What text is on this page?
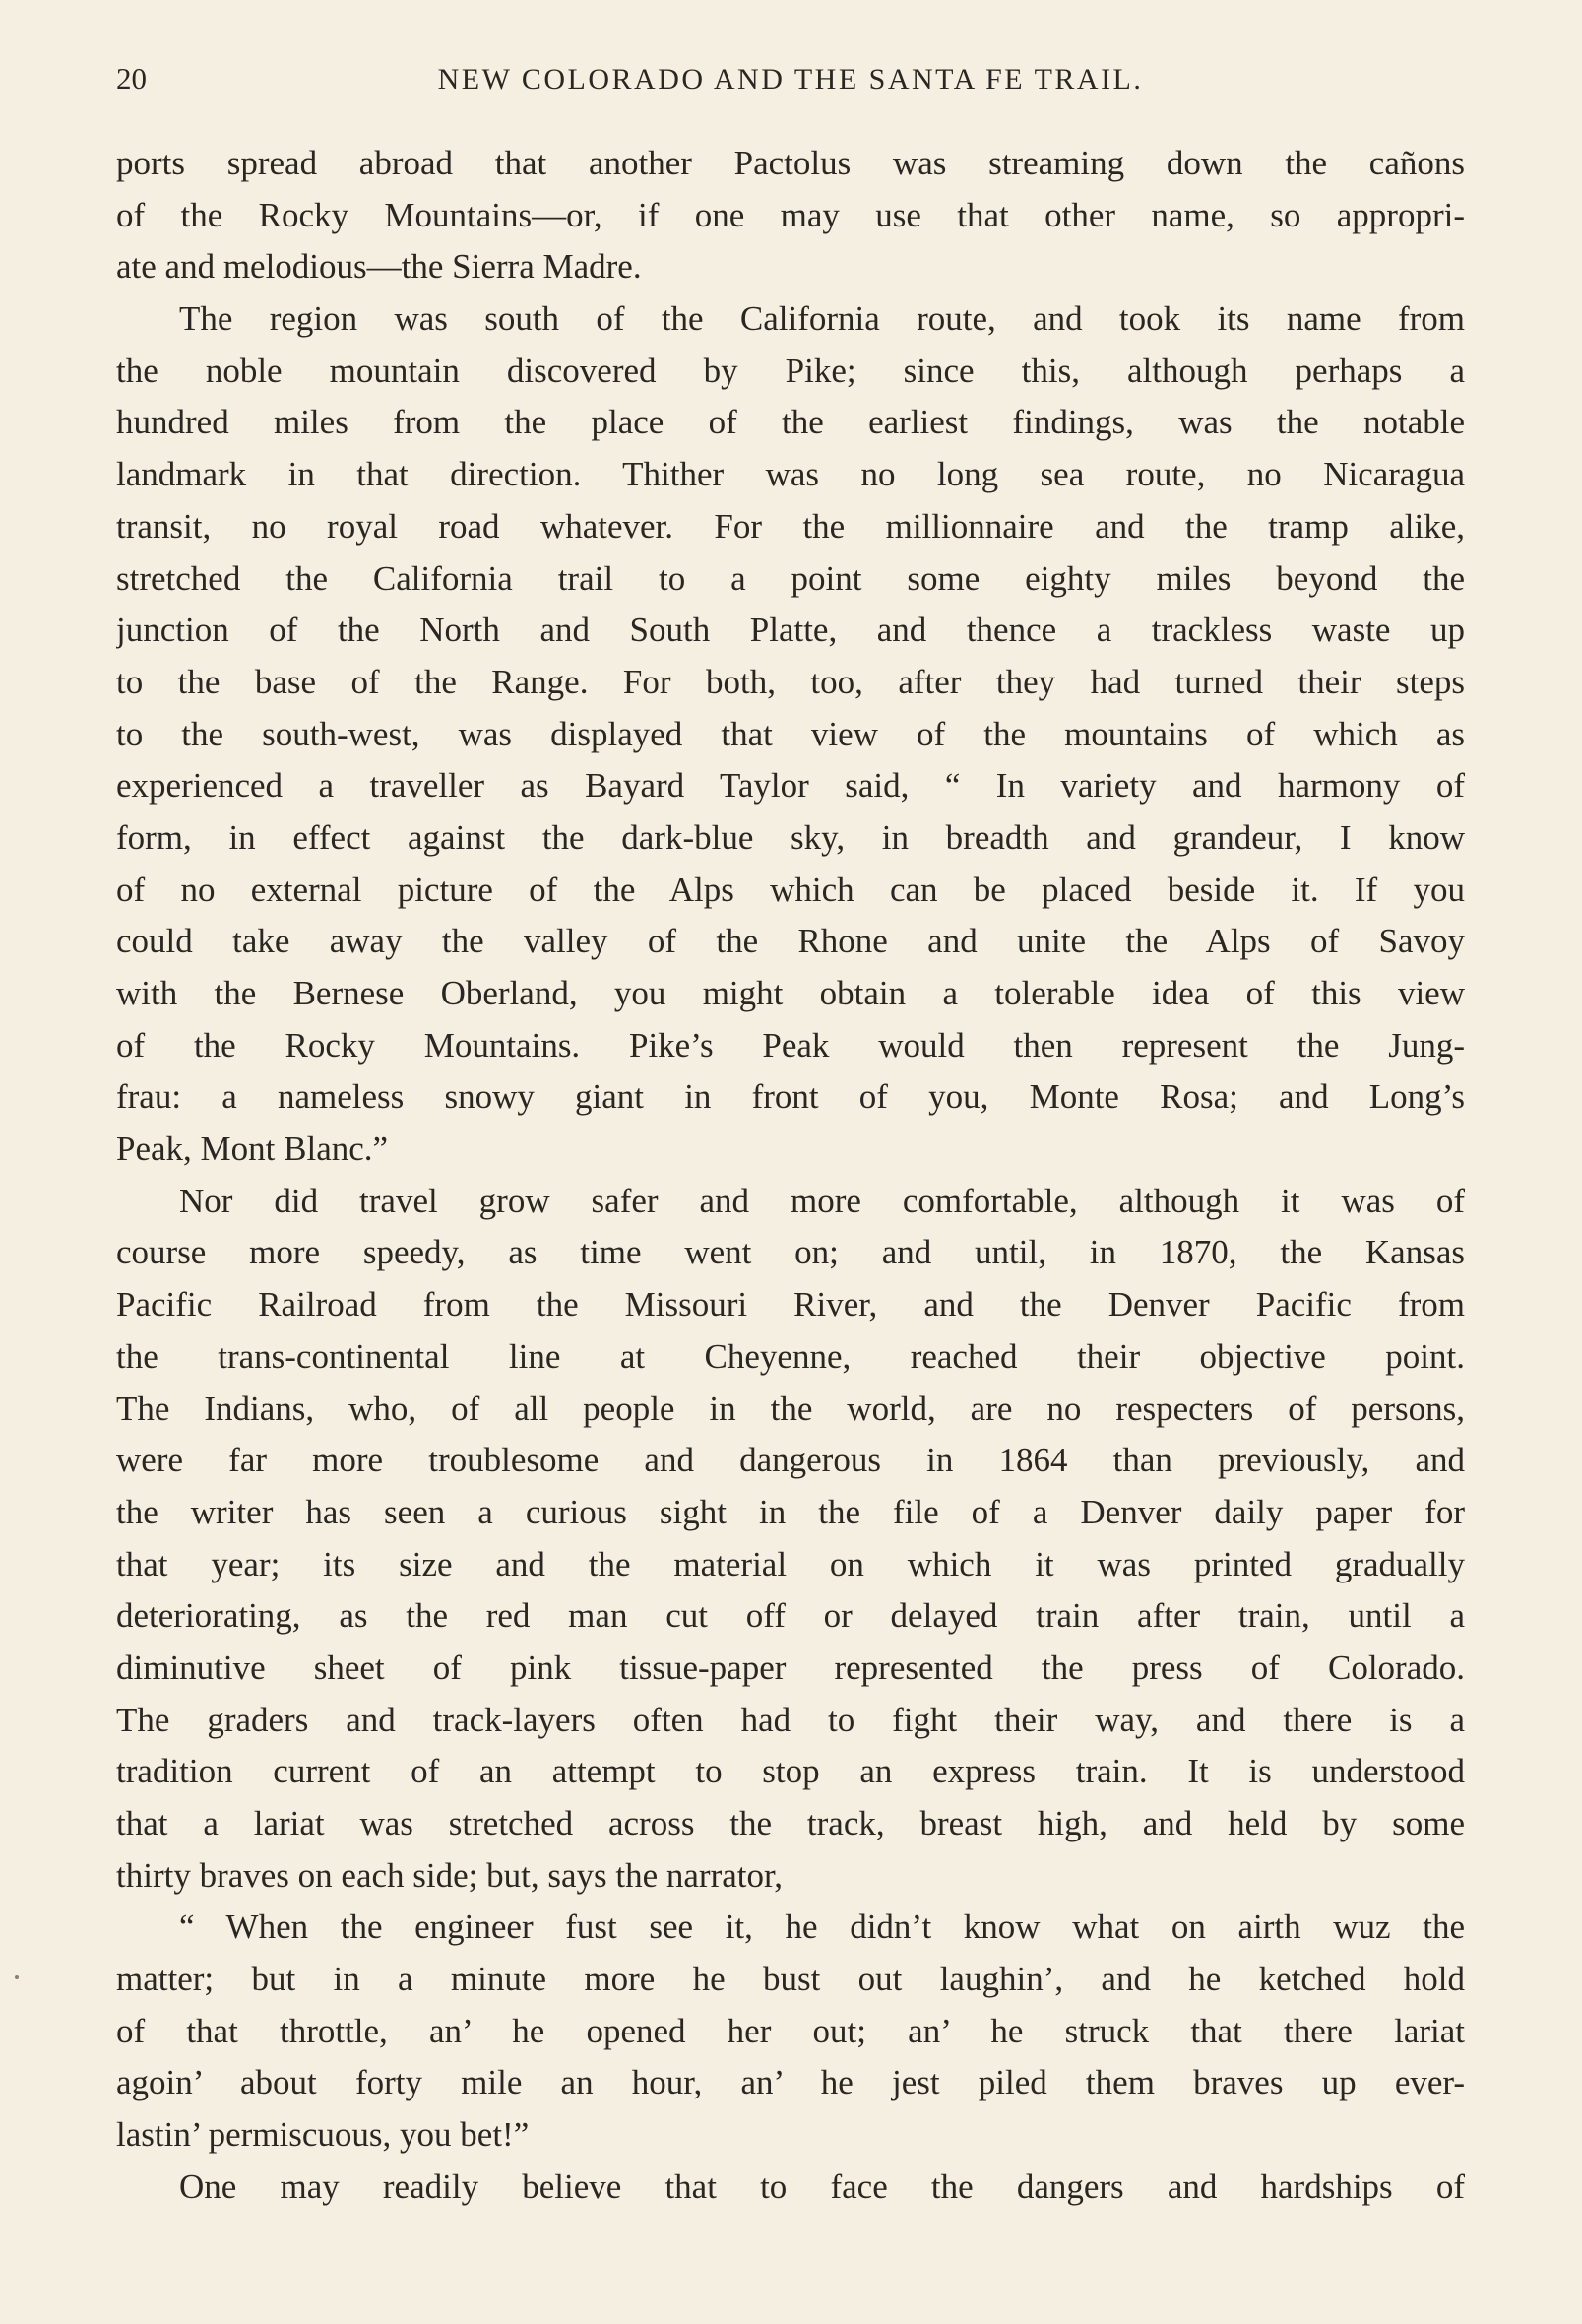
20	NEW COLORADO AND THE SANTA FE TRAIL.
ports spread abroad that another Pactolus was streaming down the cañons
of the Rocky Mountains—or, if one may use that other name, so appropri-
ate and melodious—the Sierra Madre.
The region was south of the California route, and took its name from
the noble mountain discovered by Pike; since this, although perhaps a
hundred miles from the place of the earliest findings, was the notable
landmark in that direction. Thither was no long sea route, no Nicaragua
transit, no royal road whatever. For the millionnaire and the tramp alike,
stretched the California trail to a point some eighty miles beyond the
junction of the North and South Platte, and thence a trackless waste up
to the base of the Range. For both, too, after they had turned their steps
to the south-west, was displayed that view of the mountains of which as
experienced a traveller as Bayard Taylor said, “ In variety and harmony of
form, in effect against the dark-blue sky, in breadth and grandeur, I know
of no external picture of the Alps which can be placed beside it. If you
could take away the valley of the Rhone and unite the Alps of Savoy
with the Bernese Oberland, you might obtain a tolerable idea of this view
of the Rocky Mountains. Pike’s Peak would then represent the Jung-
frau: a nameless snowy giant in front of you, Monte Rosa; and Long’s
Peak, Mont Blanc.”
Nor did travel grow safer and more comfortable, although it was of
course more speedy, as time went on; and until, in 1870, the Kansas
Pacific Railroad from the Missouri River, and the Denver Pacific from
the trans-continental line at Cheyenne, reached their objective point.
The Indians, who, of all people in the world, are no respecters of persons,
were far more troublesome and dangerous in 1864 than previously, and
the writer has seen a curious sight in the file of a Denver daily paper for
that year; its size and the material on which it was printed gradually
deteriorating, as the red man cut off or delayed train after train, until a
diminutive sheet of pink tissue-paper represented the press of Colorado.
The graders and track-layers often had to fight their way, and there is a
tradition current of an attempt to stop an express train. It is understood
that a lariat was stretched across the track, breast high, and held by some
thirty braves on each side; but, says the narrator,
“ When the engineer fust see it, he didn’t know what on airth wuz the
matter; but in a minute more he bust out laughin’, and he ketched hold
of that throttle, an’ he opened her out; an’ he struck that there lariat
agoin’ about forty mile an hour, an’ he jest piled them braves up ever-
lastin’ permiscuous, you bet!”
One may readily believe that to face the dangers and hardships of
